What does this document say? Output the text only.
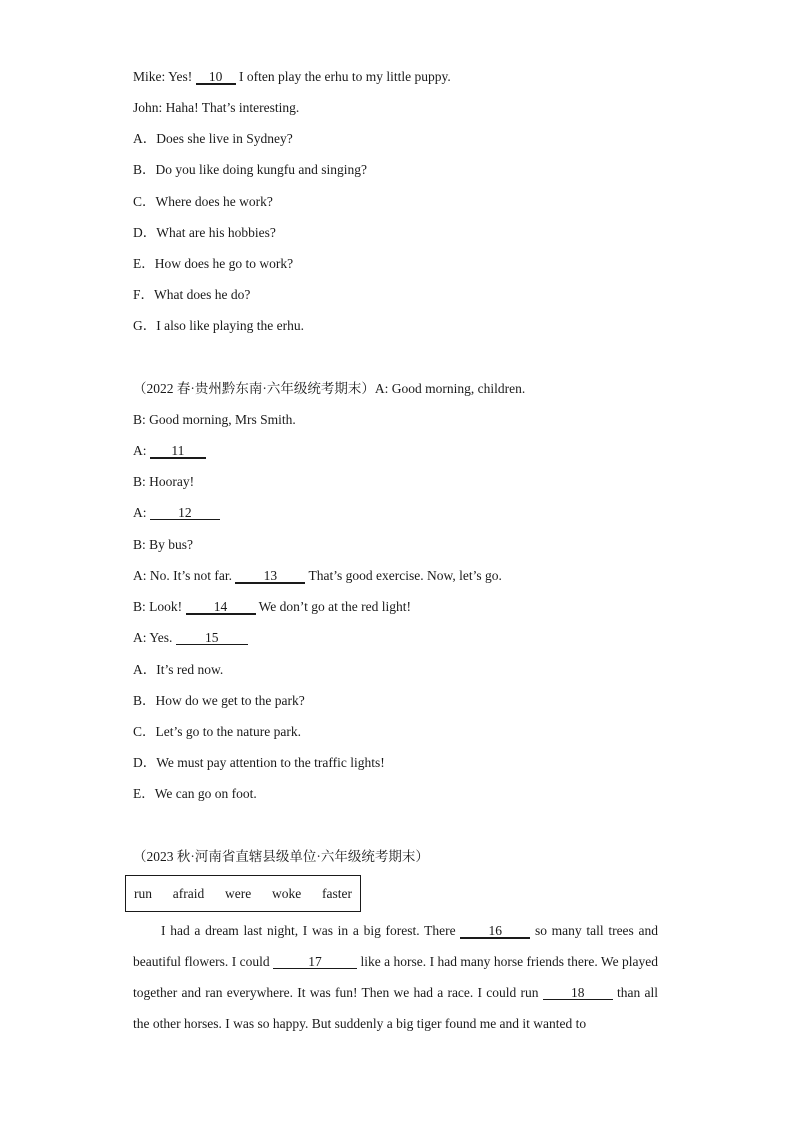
Mike: Yes! 10 I often play the erhu to my little puppy.
John: Haha! That’s interesting.
A．Does she live in Sydney?
B．Do you like doing kungfu and singing?
C．Where does he work?
D．What are his hobbies?
E．How does he go to work?
F．What does he do?
G．I also like playing the erhu.
（2022 春·贵州黔东南·六年级统考期末）A: Good morning, children.
B: Good morning, Mrs Smith.
A: 11
B: Hooray!
A: 12
B: By bus?
A: No. It’s not far. 13 That’s good exercise. Now, let’s go.
B: Look! 14 We don’t go at the red light!
A: Yes. 15
A．It’s red now.
B．How do we get to the park?
C．Let’s go to the nature park.
D．We must pay attention to the traffic lights!
E．We can go on foot.
（2023 秋·河南省直辖县级单位·六年级统考期末）
run afraid were woke faster
I had a dream last night, I was in a big forest. There 16 so many tall trees and beautiful flowers. I could	17	like a horse. I had many horse friends there. We played together and ran everywhere. It was fun! Then we had a race. I could run 18 than all the other horses. I was so happy. But suddenly a big tiger found me and it wanted to
